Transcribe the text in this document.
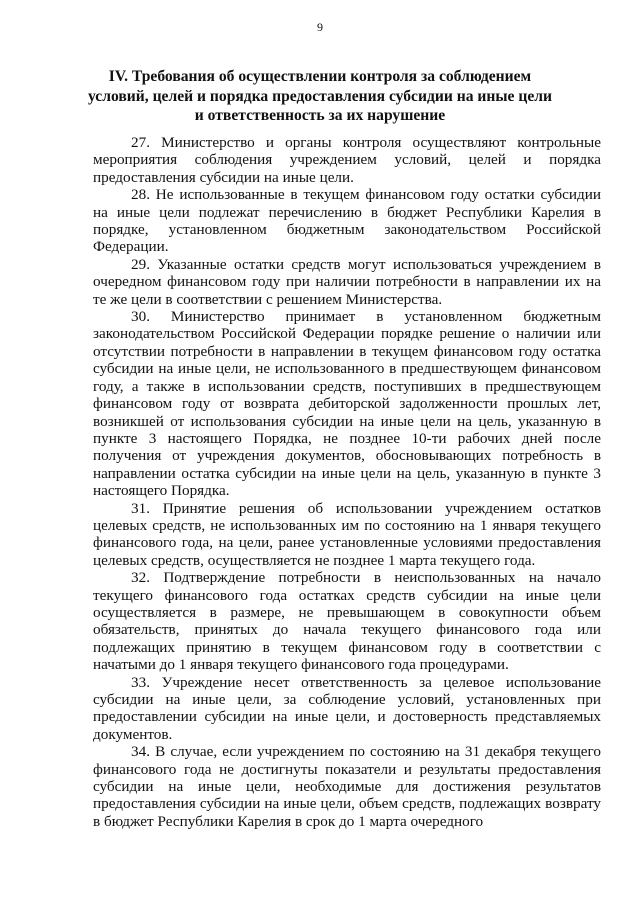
9
IV. Требования об осуществлении контроля за соблюдением
условий, целей и порядка предоставления субсидии на иные цели
и ответственность за их нарушение

27. Министерство и органы контроля осуществляют контрольные мероприятия соблюдения учреждением условий, целей и порядка предоставления субсидии на иные цели.

28. Не использованные в текущем финансовом году остатки субсидии на иные цели подлежат перечислению в бюджет Республики Карелия в порядке, установленном бюджетным законодательством Российской Федерации.

29. Указанные остатки средств могут использоваться учреждением в очередном финансовом году при наличии потребности в направлении их на те же цели в соответствии с решением Министерства.

30. Министерство принимает в установленном бюджетным законодательством Российской Федерации порядке решение о наличии или отсутствии потребности в направлении в текущем финансовом году остатка субсидии на иные цели, не использованного в предшествующем финансовом году, а также в использовании средств, поступивших в предшествующем финансовом году от возврата дебиторской задолженности прошлых лет, возникшей от использования субсидии на иные цели на цель, указанную в пункте 3 настоящего Порядка, не позднее 10-ти рабочих дней после получения от учреждения документов, обосновывающих потребность в направлении остатка субсидии на иные цели на цель, указанную в пункте 3 настоящего Порядка.

31. Принятие решения об использовании учреждением остатков целевых средств, не использованных им по состоянию на 1 января текущего финансового года, на цели, ранее установленные условиями предоставления целевых средств, осуществляется не позднее 1 марта текущего года.

32. Подтверждение потребности в неиспользованных на начало текущего финансового года остатках средств субсидии на иные цели осуществляется в размере, не превышающем в совокупности объем обязательств, принятых до начала текущего финансового года или подлежащих принятию в текущем финансовом году в соответствии с начатыми до 1 января текущего финансового года процедурами.

33. Учреждение несет ответственность за целевое использование субсидии на иные цели, за соблюдение условий, установленных при предоставлении субсидии на иные цели, и достоверность представляемых документов.

34. В случае, если учреждением по состоянию на 31 декабря текущего финансового года не достигнуты показатели и результаты предоставления субсидии на иные цели, необходимые для достижения результатов предоставления субсидии на иные цели, объем средств, подлежащих возврату в бюджет Республики Карелия в срок до 1 марта очередного
